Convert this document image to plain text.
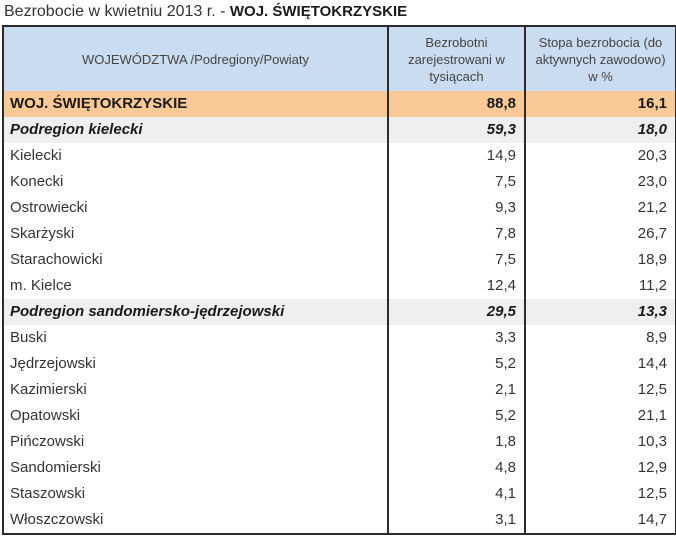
Bezrobocie w kwietniu 2013 r. - WOJ. ŚWIĘTOKRZYSKIE
WOJEWÓDZTWA /Podregiony/Powiaty	Bezrobotni zarejestrowani w tysiącach	Stopa bezrobocia (do aktywnych zawodowo) w %
WOJ. ŚWIĘTOKRZYSKIE	88,8	16,1
Podregion kielecki	59,3	18,0
Kielecki	14,9	20,3
Konecki	7,5	23,0
Ostrowiecki	9,3	21,2
Skarżyski	7,8	26,7
Starachowicki	7,5	18,9
m. Kielce	12,4	11,2
Podregion sandomiersko-jędrzejowski	29,5	13,3
Buski	3,3	8,9
Jędrzejowski	5,2	14,4
Kazimierski	2,1	12,5
Opatowski	5,2	21,1
Pińczowski	1,8	10,3
Sandomierski	4,8	12,9
Staszowski	4,1	12,5
Włoszczowski	3,1	14,7
